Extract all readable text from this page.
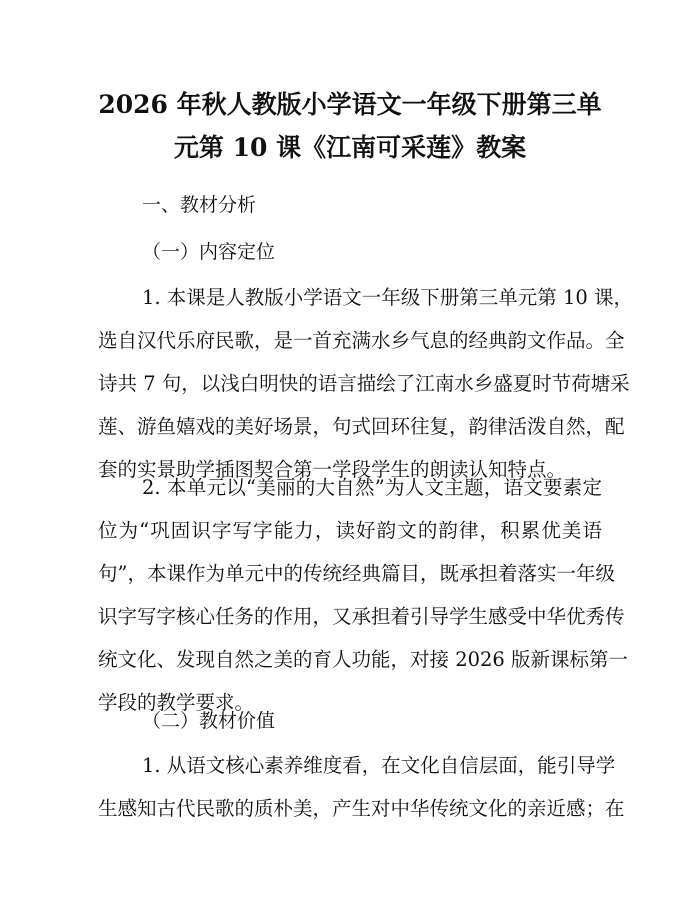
2026 年秋人教版小学语文一年级下册第三单
元第 10 课《江南可采莲》教案
一、教材分析
（一）内容定位
1. 本课是人教版小学语文一年级下册第三单元第 10 课，
选自汉代乐府民歌，是一首充满水乡气息的经典韵文作品。全
诗共 7 句，以浅白明快的语言描绘了江南水乡盛夏时节荷塘采
莲、游鱼嬉戏的美好场景，句式回环往复，韵律活泼自然，配
套的实景助学插图契合第一学段学生的朗读认知特点。
2. 本单元以“美丽的大自然”为人文主题，语文要素定
位为“巩固识字写字能力，读好韵文的韵律，积累优美语
句”，本课作为单元中的传统经典篇目，既承担着落实一年级
识字写字核心任务的作用，又承担着引导学生感受中华优秀传
统文化、发现自然之美的育人功能，对接 2026 版新课标第一
学段的教学要求。
（二）教材价值
1. 从语文核心素养维度看，在文化自信层面，能引导学
生感知古代民歌的质朴美，产生对中华传统文化的亲近感；在
